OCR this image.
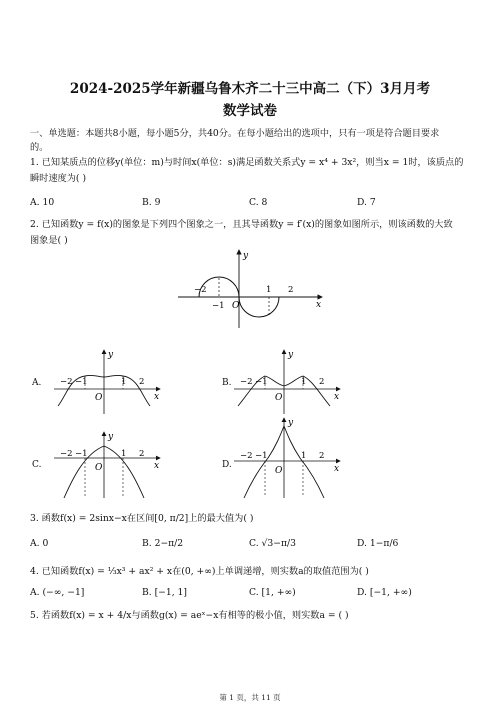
2024-2025学年新疆乌鲁木齐二十三中高二（下）3月月考
数学试卷
一、单选题：本题共8小题，每小题5分，共40分。在每小题给出的选项中，只有一项是符合题目要求
的。
1. 已知某质点的位移y(单位：m)与时间x(单位：s)满足函数关系式y = x⁴ + 3x²，则当x = 1时，该质点的
瞬时速度为( )
A. 10	B. 9	C. 8	D. 7
2. 已知函数y = f(x)的图象是下列四个图象之一，且其导函数y = f′(x)的图象如图所示，则该函数的大致
图象是( )
y
x
O
−2
−1
1 2
A.
y
x
O
−2 −1	1 2	B.
y
x
O
−2 −1	1 2
C.
y
x
O
−2 −1	1 2
D.
y
x
O
−2 −1	1 2
3. 函数f(x) = 2sinx−x在区间[0, π/2]上的最大值为( )
A. 0	B. 2−π/2	C. √3−π/3	D. 1−π/6
4. 已知函数f(x) = ⅓x³ + ax² + x在(0, +∞)上单调递增，则实数a的取值范围为( )
A. (−∞, −1]	B. [−1, 1]	C. [1, +∞)	D. [−1, +∞)
5. 若函数f(x) = x + 4/x与函数g(x) = aeˣ−x有相等的极小值，则实数a = ( )
第 1 页，共 11 页
